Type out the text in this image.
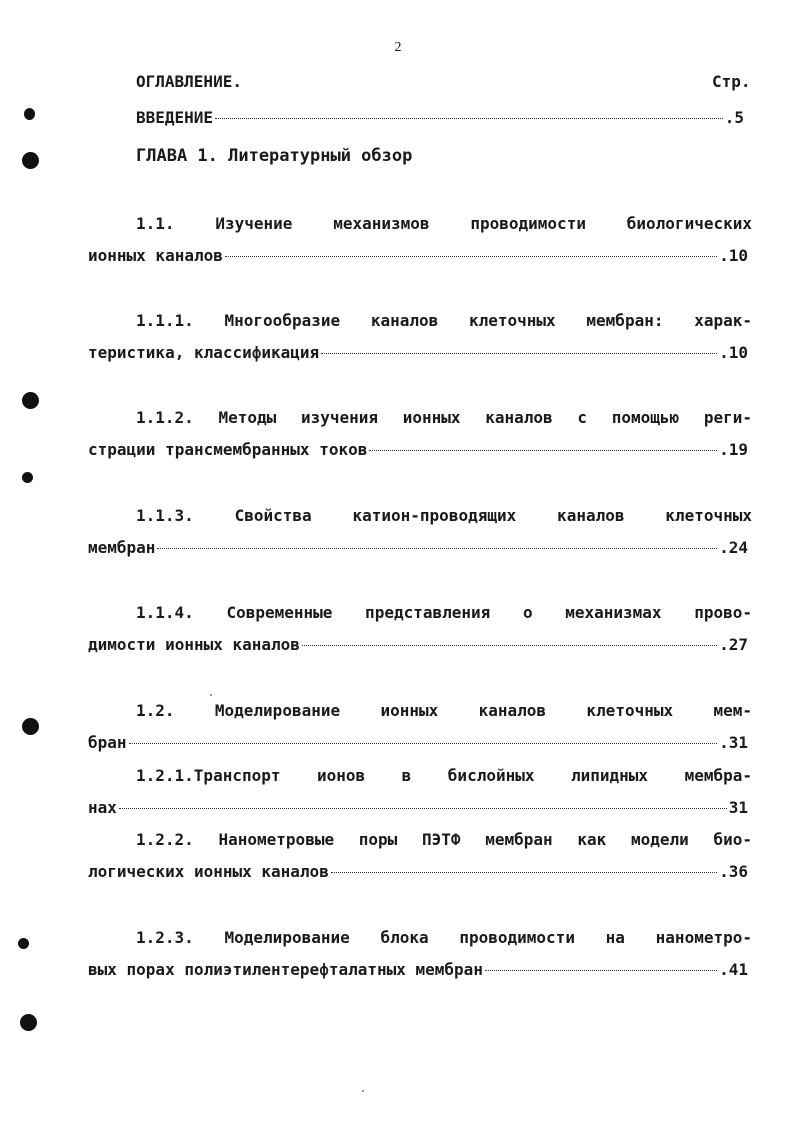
2
ОГЛАВЛЕНИЕ.	Стр.
ВВЕДЕНИЕ	.5
ГЛАВА 1. Литературный обзор
1.1. Изучение механизмов проводимости биологических
ионных каналов	.10
1.1.1. Многообразие каналов клеточных мембран: харак-
теристика, классификация	.10
1.1.2. Методы изучения ионных каналов с помощью реги-
страции трансмембранных токов	.19
1.1.3. Свойства катион-проводящих каналов клеточных
мембран	.24
1.1.4. Современные представления о механизмах прово-
димости ионных каналов	.27
1.2. Моделирование ионных каналов клеточных мем-
бран	.31
1.2.1.Транспорт ионов в бислойных липидных мембра-
нах	31
1.2.2. Нанометровые поры ПЭТФ мембран как модели био-
логических ионных каналов	.36
1.2.3. Моделирование блока проводимости на нанометро-
вых порах полиэтилентерефталатных мембран	.41
